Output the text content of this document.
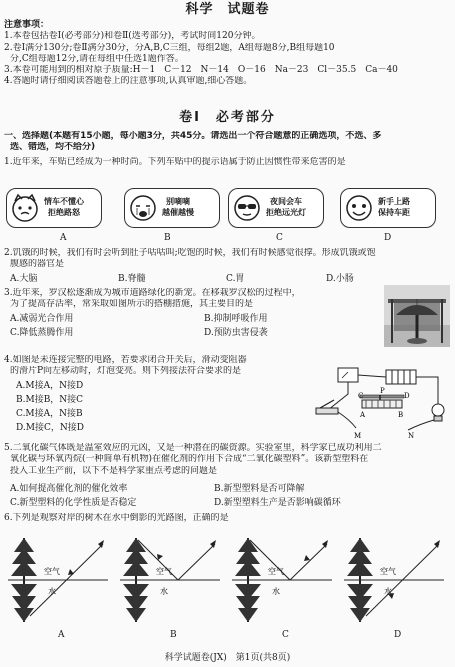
科学　试题卷
注意事项：
1.本卷包括卷Ⅰ(必考部分)和卷Ⅱ(选考部分)，考试时间120分钟。
2.卷Ⅰ满分130分;卷Ⅱ满分30分，分A,B,C三组，每组2题，A组每题8分,B组每题10
分,C组每题12分,请在每组中任选1题作答。
3.本卷可能用到的相对原子质量:H－1　C－12　N－14　O－16　Na－23　Cl－35.5　Ca－40
4.答题时请仔细阅读答题卷上的注意事项,认真审题,细心答题。
卷Ⅰ　必考部分
一、选择题(本题有15小题，每小题3分，共45分。请选出一个符合题意的正确选项，不选、多
选、错选，均不给分)
1.近年来，车贴已经成为一种时尚。下列车贴中的提示语属于防止因惯性带来危害的是
情车不懂心
拒绝路怒
别嘀嘀
越催越慢
夜间会车
拒绝远光灯
新手上路
保持车距
A	B	C	D
2.饥饿的时候，我们有时会听到肚子咕咕叫;吃饱的时候，我们有时候感觉很撑。形成饥饿或饱
腹感的器官是
A.大脑	B.脊髓	C.胃	D.小肠
3.近年来，罗汉松逐渐成为城市道路绿化的新宠。在移栽罗汉松的过程中，
为了提高存活率，常采取如图所示的搭棚措施，其主要目的是
A.减弱光合作用	B.抑制呼吸作用
C.降低蒸腾作用	D.预防虫害侵袭
4.如图是未连接完整的电路，若要求闭合开关后，滑动变阻器
的滑片P向左移动时，灯泡变亮。则下列接法符合要求的是
A.M接A，N接D
B.M接B，N接C
C.M接A，N接B
D.M接C，N接D
M	N
P
C	D
A	B
5.二氧化碳气体既是温室效应的元凶，又是一种潜在的碳资源。实验室里，科学家已成功利用二
氧化碳与环氧丙烷(一种简单有机物)在催化剂的作用下合成“二氧化碳塑料”。该新型塑料在
投入工业生产前，以下不是科学家重点考虑的问题是
A.如何提高催化剂的催化效率	B.新型塑料是否可降解
C.新型塑料的化学性质是否稳定	D.新型塑料生产是否影响碳循环
6.下列是观察对岸的树木在水中倒影的光路图，正确的是
空气
水
空气
水
空气
水
空气
水
A	B	C	D
科学试题卷(JX)　第1页(共8页)
